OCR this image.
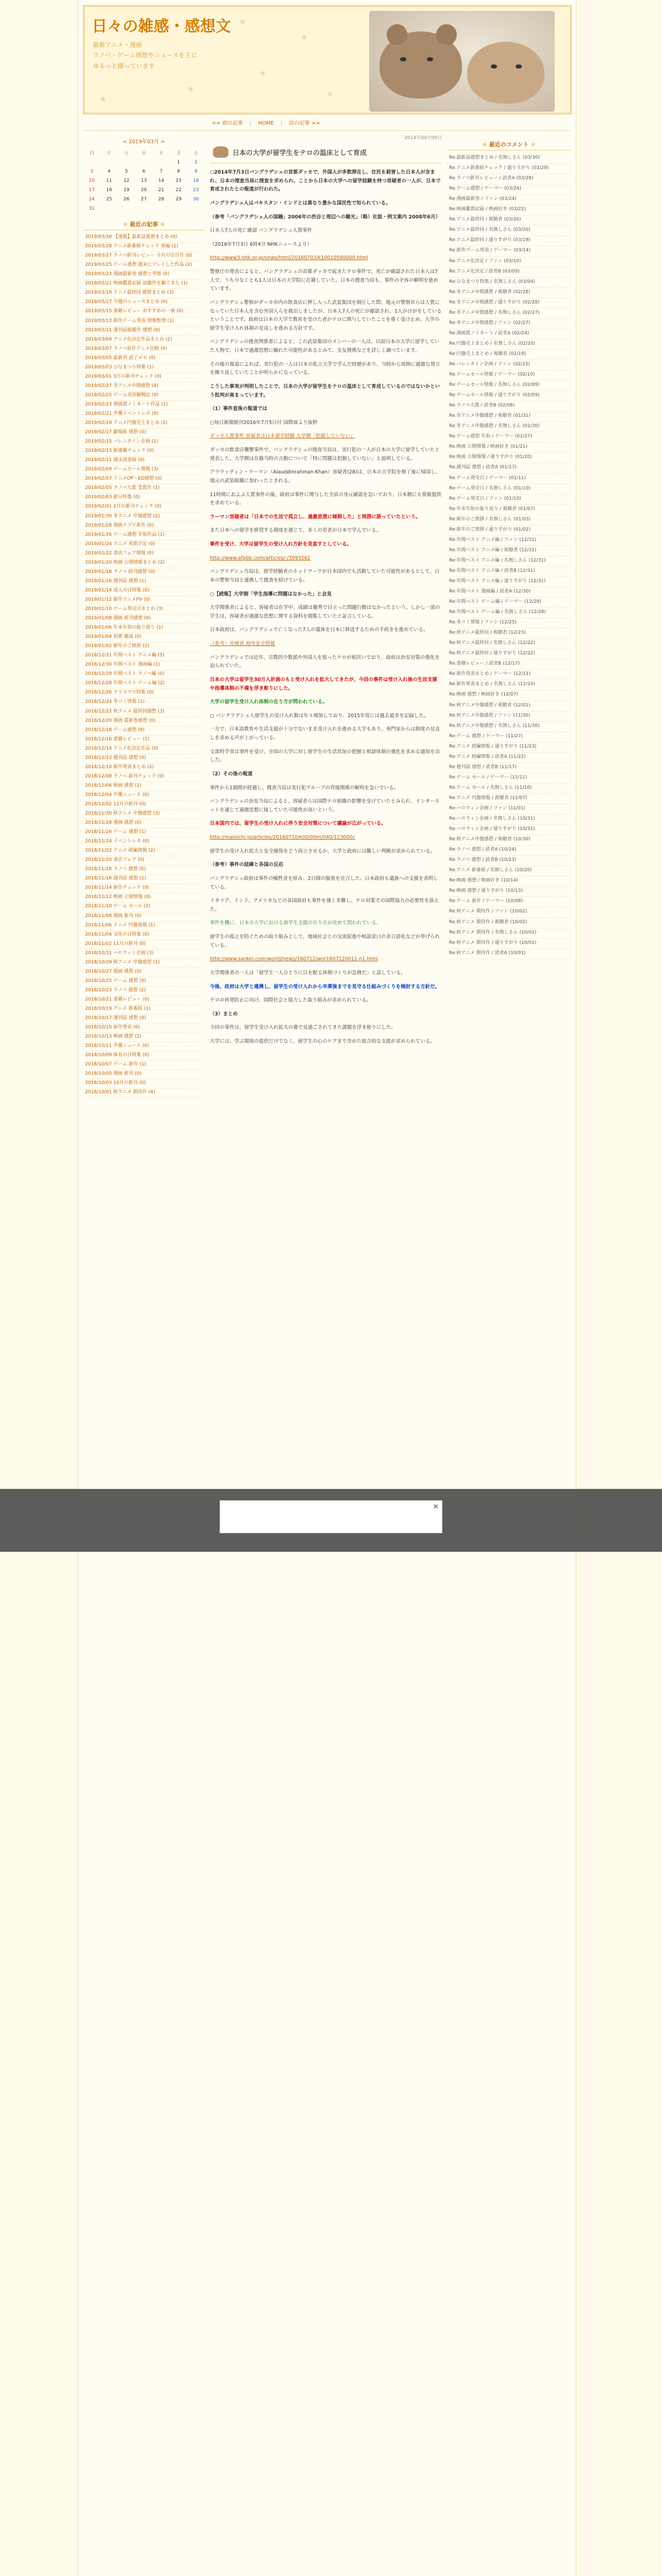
❀
❀
❀
❀
❀
❀
日々の雑感・感想文
最新アニメ・漫画
ラノベ・ゲーム感想やニュースを主に
ゆるっと綴っています
<< 前の記事 | HOME | 次の記事 >>
< 2019年03月 >
日	月	火	水	木	金	土
					1	2
3	4	5	6	7	8	9
10	11	12	13	14	15	16
17	18	19	20	21	22	23
24	25	26	27	28	29	30
31						
❀ 最近の記事 ❀
2019/03/30 【速報】最新話感想まとめ (0)
2019/03/28 アニメ新番組チェック 春編 (1)
2019/03/27 ラノベ新刊レビュー 今月の注目作 (0)
2019/03/25 ゲーム感想 週末にプレイした作品 (2)
2019/03/23 漫画最新巻 感想と考察 (0)
2019/03/21 映画鑑賞記録 話題作を観てきた (1)
2019/03/19 アニメ最終回 感想まとめ (3)
2019/03/17 今週のニュースまとめ (0)
2019/03/15 書籍レビュー おすすめの一冊 (0)
2019/03/13 新作ゲーム発表 情報整理 (1)
2019/03/11 週刊誌掲載作 感想 (0)
2019/03/09 アニメ化決定作品まとめ (2)
2019/03/07 ラノベ原作アニメ比較 (0)
2019/03/05 最新刊 読了メモ (0)
2019/03/03 ひなまつり特集 (1)
2019/03/01 3月の新刊チェック (0)
2019/02/27 冬アニメ中間感想 (4)
2019/02/25 ゲーム実況観戦記 (0)
2019/02/23 漫画賞ノミネート作品 (1)
2019/02/21 声優イベントレポ (0)
2019/02/19 アニメ円盤売上まとめ (2)
2019/02/17 劇場版 感想 (0)
2019/02/15 バレンタイン企画 (1)
2019/02/13 新連載チェック (0)
2019/02/11 週末読書録 (0)
2019/02/09 ゲームセール情報 (3)
2019/02/07 アニメOP・ED感想 (0)
2019/02/05 ラノベ大賞 受賞作 (1)
2019/02/03 節分特集 (0)
2019/02/01 2月の新刊チェック (0)
2019/01/30 冬アニメ 序盤感想 (2)
2019/01/28 漫画アプリ新作 (0)
2019/01/26 ゲーム感想 年始作品 (1)
2019/01/24 アニメ 来期予定 (0)
2019/01/22 書店フェア情報 (0)
2019/01/20 映画 公開情報まとめ (2)
2019/01/18 ラノベ 続刊感想 (0)
2019/01/16 週刊誌 感想 (1)
2019/01/14 成人の日特集 (0)
2019/01/12 新作アニメPV (0)
2019/01/10 ゲーム発売日まとめ (3)
2019/01/08 漫画 新刊感想 (0)
2019/01/06 年末年始の振り返り (1)
2019/01/04 初夢 雑談 (0)
2019/01/02 新年のご挨拶 (2)
2018/12/31 年間ベスト アニメ編 (5)
2018/12/30 年間ベスト 漫画編 (1)
2018/12/29 年間ベスト ラノベ編 (0)
2018/12/28 年間ベスト ゲーム編 (2)
2018/12/26 クリスマス特集 (0)
2018/12/24 冬コミ情報 (1)
2018/12/22 秋アニメ 最終回感想 (3)
2018/12/20 漫画 最新巻感想 (0)
2018/12/18 ゲーム感想 (0)
2018/12/16 書籍レビュー (1)
2018/12/14 アニメ化決定作品 (0)
2018/12/12 週刊誌 感想 (0)
2018/12/10 新作発表まとめ (2)
2018/12/08 ラノベ 新刊チェック (0)
2018/12/06 映画 感想 (1)
2018/12/04 声優ニュース (0)
2018/12/02 12月の新刊 (0)
2018/11/30 秋アニメ 中盤感想 (3)
2018/11/28 漫画 感想 (0)
2018/11/26 ゲーム 感想 (1)
2018/11/24 イベントレポ (0)
2018/11/22 アニメ 続編情報 (2)
2018/11/20 書店フェア (0)
2018/11/18 ラノベ 感想 (0)
2018/11/16 週刊誌 感想 (1)
2018/11/14 新作チェック (0)
2018/11/12 映画 公開情報 (0)
2018/11/10 ゲーム セール (2)
2018/11/08 漫画 新刊 (0)
2018/11/06 アニメ 円盤情報 (1)
2018/11/04 文化の日特集 (0)
2018/11/02 11月の新刊 (0)
2018/10/31 ハロウィン企画 (3)
2018/10/29 秋アニメ 序盤感想 (1)
2018/10/27 漫画 感想 (0)
2018/10/25 ゲーム 感想 (0)
2018/10/23 ラノベ 感想 (2)
2018/10/21 書籍レビュー (0)
2018/10/19 アニメ 新番組 (1)
2018/10/17 週刊誌 感想 (0)
2018/10/15 新作発表 (0)
2018/10/13 映画 感想 (2)
2018/10/11 声優ニュース (0)
2018/10/09 体育の日特集 (0)
2018/10/07 ゲーム 新作 (1)
2018/10/05 漫画 新刊 (0)
2018/10/03 10月の新刊 (0)
2018/10/01 秋アニメ 期待作 (4)
2014年04月09日
日本の大学が留学生をテロの温床として育成
○2014年7月3日バングラデシュの首都ダッカで、外国人が多数滞在し、住民を殺害した日本人が含まれ、日本の捜査当局に捜査を求められ、ことから日本の大学への留学経験を持つ容疑者の一人が、日本で育成されたとの報道が行われた。
バングラデシュ人はパキスタン・インドとは異なり豊かな国民性で知られている。
（参考「バングラデシュ人の国籍」2006年の渋谷と周辺への観光」（略）社説・例文案内 2008年6月）
日本人7人の死亡確認 バングラデシュ人質事件
（2016年7月3日 6時4分 NHKニュースより）
http://www3.nhk.or.jp/news/html/20160703/k10010580000.html
警察庁の発表によると、バングラデシュの首都ダッカで起きたテロ事件で、死亡が確認された日本人は7人で、うち少なくとも1人は日本の大学院に在籍していた。日本の捜査当局も、事件の全容の解明を進めています。
バングラデシュ警察がダッカ市内の飲食店に押し入った武装集団を制圧した際、地元の警察官らは人質になっていた日本人を含む外国人らを救出しましたが、日本人7人の死亡が確認され、1人がけがをしているということです。政府は日本の大学で教育を受けた者がテロに関与していたことを重く受け止め、大学の留学生受け入れ体制の見直しを進める方針です。
バングラデシュの捜査関係者によると、この武装集団のメンバーの一人は、以前日本の大学に留学していた人物で、日本で過激思想に触れた可能性があるとみて、交友関係などを詳しく調べています。
その後の報道によれば、実行犯の一人は日本の私立大学で学んだ経歴があり、当時から周囲に過激な発言を繰り返していたことが明らかになっている。
こうした事実が判明したことで、日本の大学が留学生をテロの温床として育成しているのではないかという批判が高まっています。
（1）事件直後の報道では
○毎日新聞朝刊2016年7月5日付 国際面より抜粋
ダッカ人質事件 容疑者は日本留学経験 大学側「把握していない」
ダッカの飲食店襲撃事件で、バングラデシュの捜査当局は、実行犯の一人が日本の大学に留学していたと発表した。大学側は在籍当時の言動について「特に問題は把握していない」と説明している。
アラウッディン・ラーマン（Alauddinrahman Khan）容疑者(28)は、日本の大学院を修了後に帰国し、地元の武装組織に加わったとされる。
11時間におよぶ人質事件の後、政府は事件に関与した全員の身元確認を急いでおり、日本側にも情報提供を求めている。
ラーマン容疑者は「日本での生活で孤立し、過激思想に傾倒した」と周囲に語っていたという。
また日本への留学を推奨する制度を通じて、多くの若者が日本で学んでいる。
事件を受け、大学は留学生の受け入れ方針を見直すとしている。
http://www.afpbb.com/articles/-/3093262
バングラデシュ当局は、留学経験者のネットワークが日本国内でも活動していた可能性があるとして、日本の警察当局と連携して捜査を続けている。
○【続報】大学側「学生指導に問題はなかった」と会見
大学関係者によると、容疑者は在学中、成績は優秀で目立った問題行動はなかったという。しかし一部の学生は、容疑者が過激な思想に関する資料を閲覧していたと証言している。
日本政府は、バングラデシュで亡くなった7人の遺体を日本に移送するための手続きを進めている。
（参考）外務省 海外安全情報
バングラデシュでは近年、宗教的少数派や外国人を狙ったテロが相次いでおり、政府は治安対策の強化を迫られていた。
日本の大学は留学生30万人計画のもと受け入れを拡大してきたが、今回の事件は受け入れ後の生活支援や指導体制の不備を浮き彫りにした。
大学の留学生受け入れ体制の在り方が問われている。
○ バングラデシュ人留学生の受け入れ数は年々増加しており、2015年度には過去最多を記録した。
一方で、日本語教育や生活支援が十分でないまま受け入れを進める大学もあり、専門家からは制度の見直しを求める声が上がっている。
文部科学省は事件を受け、全国の大学に対し留学生の生活状況の把握と相談体制の強化を求める通知を出した。
（2）その後の報道
事件から1週間が経過し、捜査当局は実行犯グループの背後関係の解明を急いでいる。
バングラデシュの治安当局によると、容疑者らは国際テロ組織の影響を受けていたとみられ、インターネットを通じて過激思想に接していた可能性が高いという。
日本国内では、留学生の受け入れに伴う安全対策について議論が広がっている。
http://mainichi.jp/articles/20160710/k00/00m/040/123000c
留学生の受け入れ拡大と安全確保をどう両立させるか、大学と政府には難しい判断が求められている。
（参考）事件の経緯と各国の反応
バングラデシュ政府は事件の犠牲者を悼み、2日間の服喪を宣言した。日本政府も遺族への支援を表明している。
イタリア、インド、アメリカなどの各国政府も事件を強く非難し、テロ対策での国際協力の必要性を訴えた。
事件を機に、日本の大学における留学生支援の在り方が改めて問われている。
留学生の孤立を防ぐための取り組みとして、地域社会との交流促進や相談窓口の多言語化などが挙げられている。
http://www.sankei.com/world/news/160712/wor1607120011-n1.html
大学関係者の一人は「留学生一人ひとりに目を配る体制づくりが急務だ」と話している。
今後、政府は大学と連携し、留学生の受け入れから卒業後までを見守る仕組みづくりを検討する方針だ。
テロの再発防止に向け、国際社会と協力した取り組みが求められている。
（3）まとめ
今回の事件は、留学生受け入れ拡大の裏で見過ごされてきた課題を浮き彫りにした。
大学には、学ぶ環境の提供だけでなく、留学生の心のケアまで含めた総合的な支援が求められている。
❀ 最近のコメント ❀
Re:最新話感想まとめ / 名無しさん (03/30)
Re:アニメ新番組チェック / 通りすがり (03/29)
Re:ラノベ新刊レビュー / 読者A (03/28)
Re:ゲーム感想 / ゲーマー (03/26)
Re:漫画最新巻 / ファン (03/24)
Re:映画鑑賞記録 / 映画好き (03/22)
Re:アニメ最終回 / 視聴者 (03/20)
Re:アニメ最終回 / 名無しさん (03/20)
Re:アニメ最終回 / 通りすがり (03/19)
Re:新作ゲーム発表 / ゲーマー (03/14)
Re:アニメ化決定 / ファン (03/10)
Re:アニメ化決定 / 読者B (03/09)
Re:ひなまつり特集 / 名無しさん (03/04)
Re:冬アニメ中間感想 / 視聴者 (02/28)
Re:冬アニメ中間感想 / 通りすがり (02/28)
Re:冬アニメ中間感想 / 名無しさん (02/27)
Re:冬アニメ中間感想 / ファン (02/27)
Re:漫画賞ノミネート / 読者A (02/24)
Re:円盤売上まとめ / 名無しさん (02/20)
Re:円盤売上まとめ / 視聴者 (02/19)
Re:バレンタイン企画 / ファン (02/15)
Re:ゲームセール情報 / ゲーマー (02/10)
Re:ゲームセール情報 / 名無しさん (02/09)
Re:ゲームセール情報 / 通りすがり (02/09)
Re:ラノベ大賞 / 読者B (02/06)
Re:冬アニメ序盤感想 / 視聴者 (01/31)
Re:冬アニメ序盤感想 / 名無しさん (01/30)
Re:ゲーム感想 年始 / ゲーマー (01/27)
Re:映画 公開情報 / 映画好き (01/21)
Re:映画 公開情報 / 通りすがり (01/20)
Re:週刊誌 感想 / 読者A (01/17)
Re:ゲーム発売日 / ゲーマー (01/11)
Re:ゲーム発売日 / 名無しさん (01/10)
Re:ゲーム発売日 / ファン (01/10)
Re:年末年始の振り返り / 視聴者 (01/07)
Re:新年のご挨拶 / 名無しさん (01/03)
Re:新年のご挨拶 / 通りすがり (01/02)
Re:年間ベスト アニメ編 / ファン (12/31)
Re:年間ベスト アニメ編 / 視聴者 (12/31)
Re:年間ベスト アニメ編 / 名無しさん (12/31)
Re:年間ベスト アニメ編 / 読者B (12/31)
Re:年間ベスト アニメ編 / 通りすがり (12/31)
Re:年間ベスト 漫画編 / 読者A (12/30)
Re:年間ベスト ゲーム編 / ゲーマー (12/28)
Re:年間ベスト ゲーム編 / 名無しさん (12/28)
Re:冬コミ情報 / ファン (12/25)
Re:秋アニメ最終回 / 視聴者 (12/23)
Re:秋アニメ最終回 / 名無しさん (12/22)
Re:秋アニメ最終回 / 通りすがり (12/22)
Re:書籍レビュー / 読者B (12/17)
Re:新作発表まとめ / ゲーマー (12/11)
Re:新作発表まとめ / 名無しさん (12/10)
Re:映画 感想 / 映画好き (12/07)
Re:秋アニメ中盤感想 / 視聴者 (12/01)
Re:秋アニメ中盤感想 / ファン (11/30)
Re:秋アニメ中盤感想 / 名無しさん (11/30)
Re:ゲーム 感想 / ゲーマー (11/27)
Re:アニメ 続編情報 / 通りすがり (11/23)
Re:アニメ 続編情報 / 読者A (11/22)
Re:週刊誌 感想 / 読者B (11/17)
Re:ゲーム セール / ゲーマー (11/11)
Re:ゲーム セール / 名無しさん (11/10)
Re:アニメ 円盤情報 / 視聴者 (11/07)
Re:ハロウィン企画 / ファン (11/01)
Re:ハロウィン企画 / 名無しさん (10/31)
Re:ハロウィン企画 / 通りすがり (10/31)
Re:秋アニメ序盤感想 / 視聴者 (10/30)
Re:ラノベ 感想 / 読者A (10/24)
Re:ラノベ 感想 / 読者B (10/23)
Re:アニメ 新番組 / 名無しさん (10/20)
Re:映画 感想 / 映画好き (10/14)
Re:映画 感想 / 通りすがり (10/13)
Re:ゲーム 新作 / ゲーマー (10/08)
Re:秋アニメ 期待作 / ファン (10/02)
Re:秋アニメ 期待作 / 視聴者 (10/02)
Re:秋アニメ 期待作 / 名無しさん (10/01)
Re:秋アニメ 期待作 / 通りすがり (10/01)
Re:秋アニメ 期待作 / 読者A (10/01)
✕
